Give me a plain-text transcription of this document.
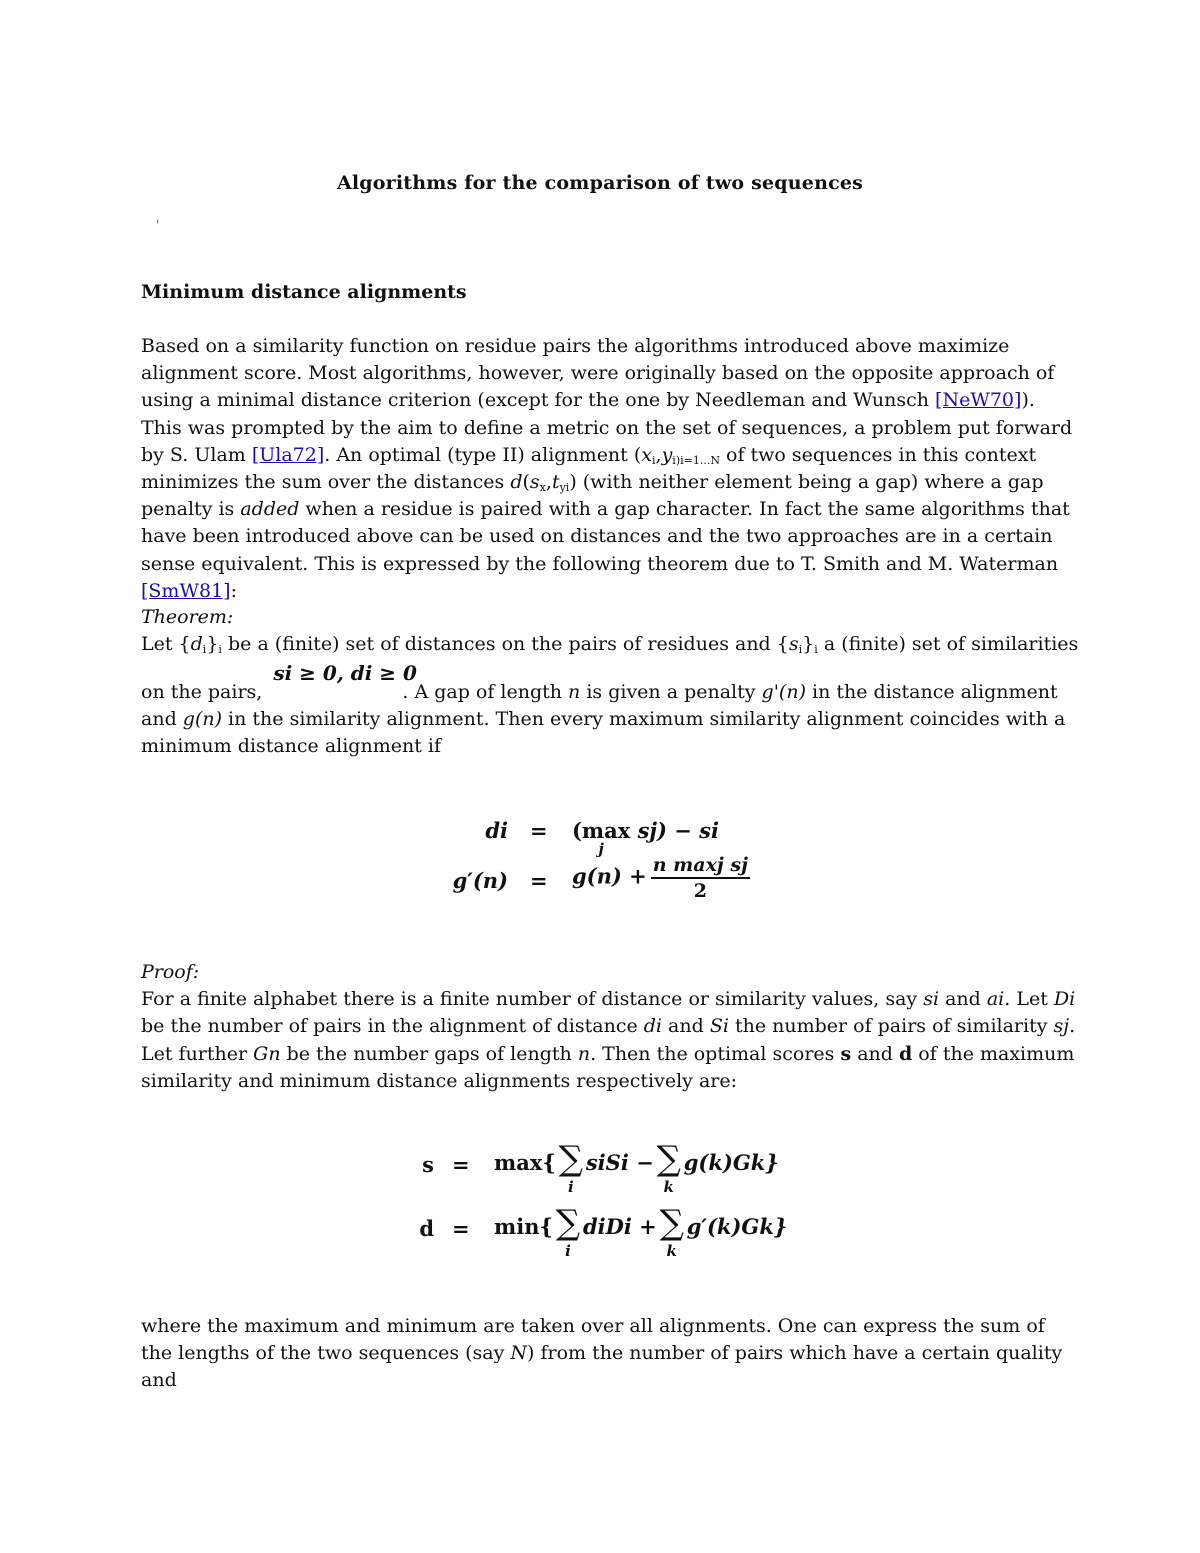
Algorithms for the comparison of two sequences
'
Minimum distance alignments

Based on a similarity function on residue pairs the algorithms introduced above maximize alignment score. Most algorithms, however, were originally based on the opposite approach of using a minimal distance criterion (except for the one by Needleman and Wunsch [NeW70]). This was prompted by the aim to define a metric on the set of sequences, a problem put forward by S. Ulam [Ula72]. An optimal (type II) alignment ($x_i,y_{i)i=1...N}$ of two sequences in this context minimizes the sum over the distances $d(s_x,t_{yi})$ (with neither element being a gap) where a gap penalty is added when a residue is paired with a gap character. In fact the same algorithms that have been introduced above can be used on distances and the two approaches are in a certain sense equivalent. This is expressed by the following theorem due to T. Smith and M. Waterman [SmW81]:

Theorem:

Let $\{d_i\}_i$ be a (finite) set of distances on the pairs of residues and $\{s_i\}_i$ a (finite) set of similarities

on the pairs,
si ≥ 0, di ≥ 0
. A gap of length n is given a penalty g'(n) in the distance alignment and g(n) in the similarity alignment. Then every maximum similarity alignment coincides with a minimum distance alignment if

di = (max
j
sj) − si
$g'(n) = g(n) + \frac{\text{n maxj sj}}{2}$

Proof:

For a finite alphabet there is a finite number of distance or similarity values, say si and ai. Let Di be the number of pairs in the alignment of distance di and Si the number of pairs of similarity sj. Let further Gn be the number gaps of length n. Then the optimal scores s and d of the maximum similarity and minimum distance alignments respectively are:

s = max{∑
i
siSi −∑
k
g(k)Gk}
d = min{∑
i
diDi +∑
k
g′(k)Gk}

where the maximum and minimum are taken over all alignments. One can express the sum of the lengths of the two sequences (say N) from the number of pairs which have a certain quality and
